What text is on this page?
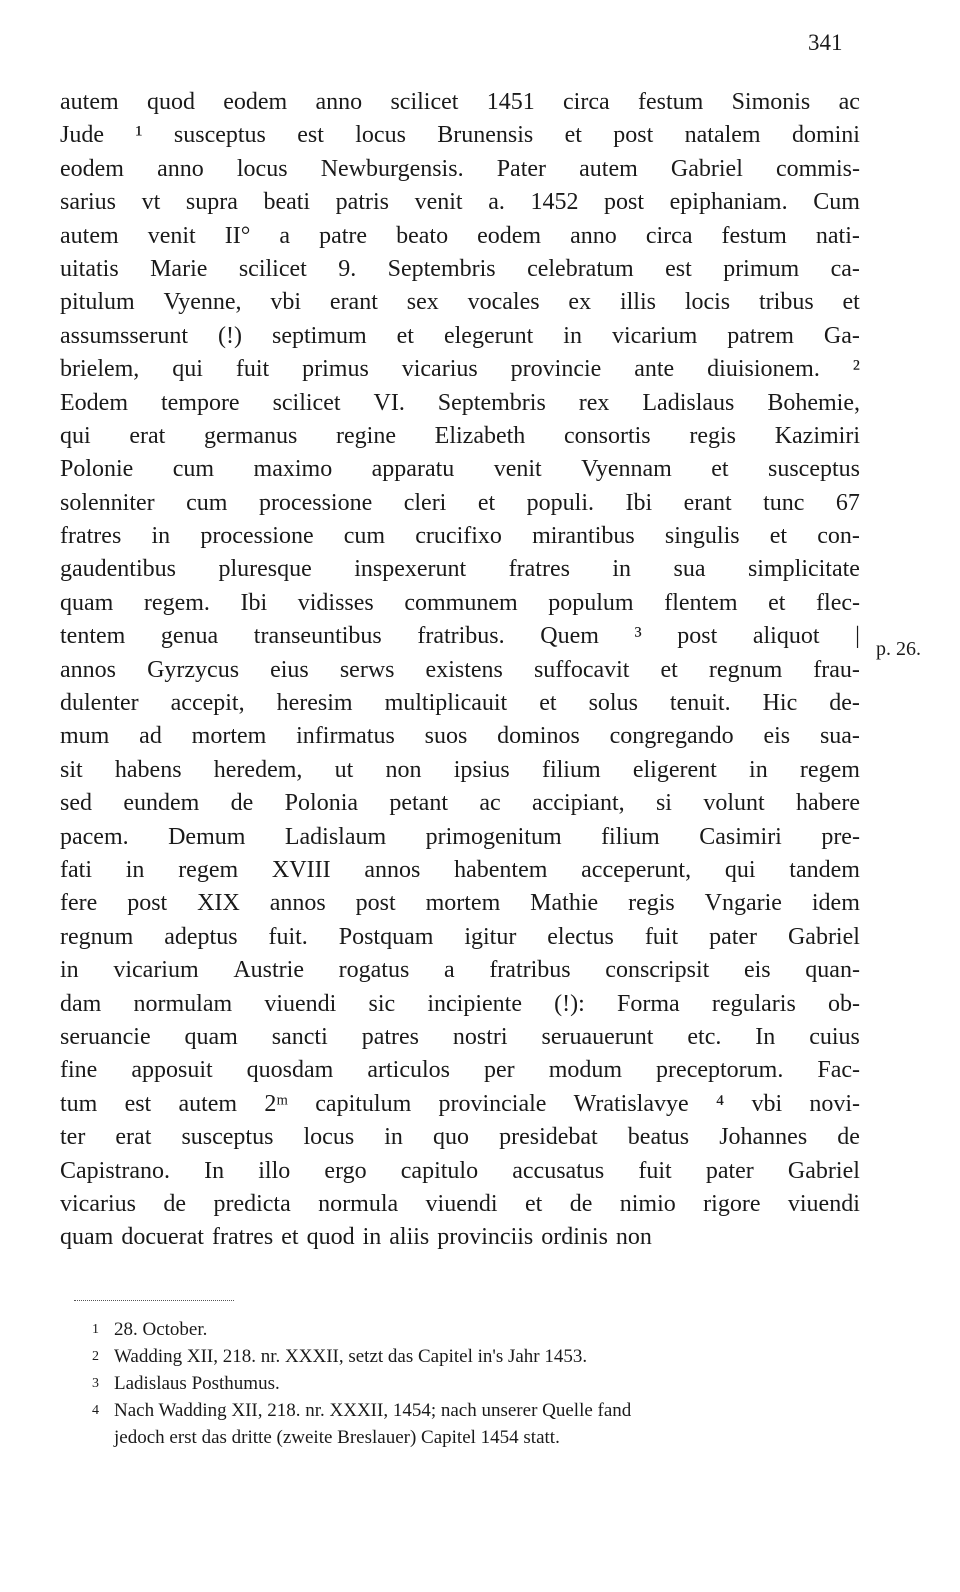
341
p. 26.
autem quod eodem anno scilicet 1451 circa festum Simonis ac
Jude ¹ susceptus est locus Brunensis et post natalem domini
eodem anno locus Newburgensis. Pater autem Gabriel commis-
sarius vt supra beati patris venit a. 1452 post epiphaniam. Cum
autem venit II° a patre beato eodem anno circa festum nati-
uitatis Marie scilicet 9. Septembris celebratum est primum ca-
pitulum Vyenne, vbi erant sex vocales ex illis locis tribus et
assumsserunt (!) septimum et elegerunt in vicarium patrem Ga-
brielem, qui fuit primus vicarius provincie ante diuisionem. ²
Eodem tempore scilicet VI. Septembris rex Ladislaus Bohemie,
qui erat germanus regine Elizabeth consortis regis Kazimiri
Polonie cum maximo apparatu venit Vyennam et susceptus
solenniter cum processione cleri et populi. Ibi erant tunc 67
fratres in processione cum crucifixo mirantibus singulis et con-
gaudentibus pluresque inspexerunt fratres in sua simplicitate
quam regem. Ibi vidisses communem populum flentem et flec-
tentem genua transeuntibus fratribus. Quem ³ post aliquot |
annos Gyrzycus eius serws existens suffocavit et regnum frau-
dulenter accepit, heresim multiplicauit et solus tenuit. Hic de-
mum ad mortem infirmatus suos dominos congregando eis sua-
sit habens heredem, ut non ipsius filium eligerent in regem
sed eundem de Polonia petant ac accipiant, si volunt habere
pacem. Demum Ladislaum primogenitum filium Casimiri pre-
fati in regem XVIII annos habentem acceperunt, qui tandem
fere post XIX annos post mortem Mathie regis Vngarie idem
regnum adeptus fuit. Postquam igitur electus fuit pater Gabriel
in vicarium Austrie rogatus a fratribus conscripsit eis quan-
dam normulam viuendi sic incipiente (!): Forma regularis ob-
seruancie quam sancti patres nostri seruauerunt etc. In cuius
fine apposuit quosdam articulos per modum preceptorum. Fac-
tum est autem 2ᵐ capitulum provinciale Wratislavye ⁴ vbi novi-
ter erat susceptus locus in quo presidebat beatus Johannes de
Capistrano. In illo ergo capitulo accusatus fuit pater Gabriel
vicarius de predicta normula viuendi et de nimio rigore viuendi
quam docuerat fratres et quod in aliis provinciis ordinis non
1 28. October.
2 Wadding XII, 218. nr. XXXII, setzt das Capitel in's Jahr 1453.
3 Ladislaus Posthumus.
4 Nach Wadding XII, 218. nr. XXXII, 1454; nach unserer Quelle fand
jedoch erst das dritte (zweite Breslauer) Capitel 1454 statt.
